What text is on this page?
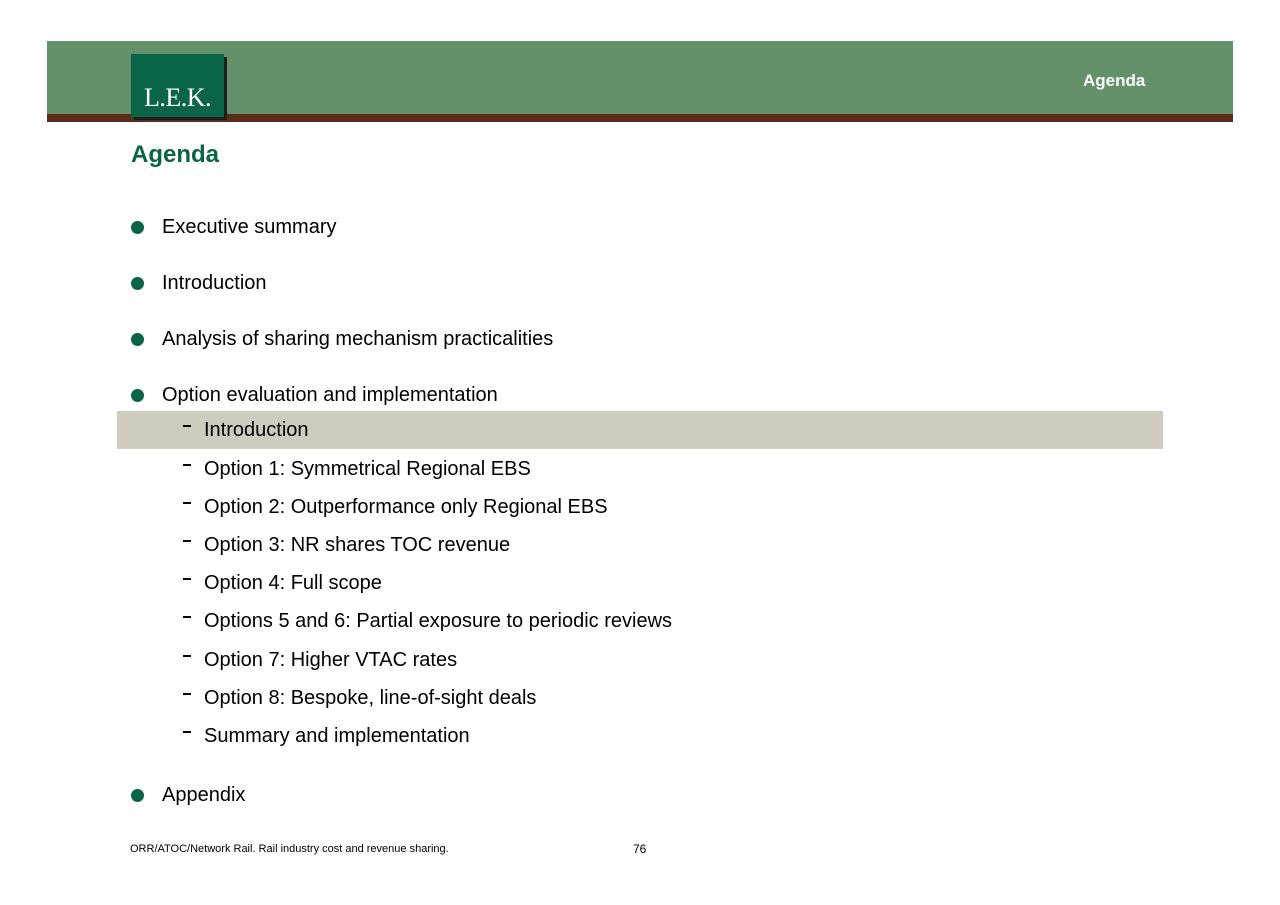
L.E.K.
Agenda
Agenda
Executive summary
Introduction
Analysis of sharing mechanism practicalities
Option evaluation and implementation
Introduction
Option 1: Symmetrical Regional EBS
Option 2: Outperformance only Regional EBS
Option 3: NR shares TOC revenue
Option 4: Full scope
Options 5 and 6: Partial exposure to periodic reviews
Option 7: Higher VTAC rates
Option 8: Bespoke, line-of-sight deals
Summary and implementation
Appendix
ORR/ATOC/Network Rail. Rail industry cost and revenue sharing.	76
